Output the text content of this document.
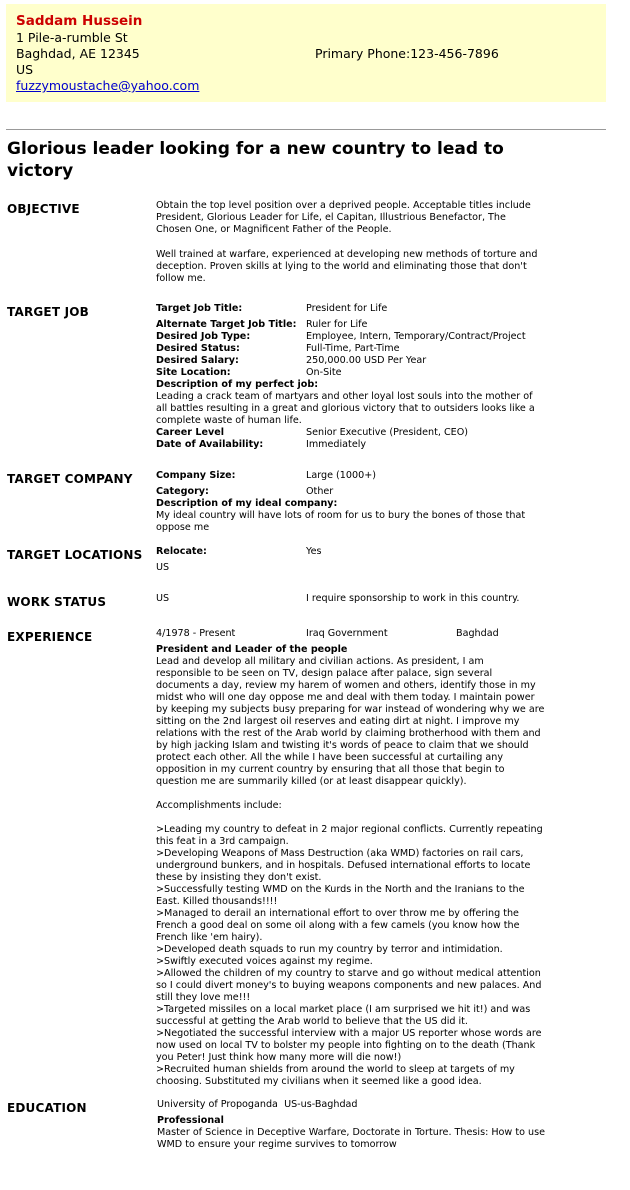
Saddam Hussein
1 Pile-a-rumble St
Baghdad, AE 12345
US
Primary Phone:123-456-7896
fuzzymoustache@yahoo.com
Glorious leader looking for a new country to lead to victory
OBJECTIVE	Obtain the top level position over a deprived people. Acceptable titles include
President, Glorious Leader for Life, el Capitan, Illustrious Benefactor, The
Chosen One, or Magnificent Father of the People.
Well trained at warfare, experienced at developing new methods of torture and
deception. Proven skills at lying to the world and eliminating those that don't
follow me.
TARGET JOB	Target Job Title:	President for Life
Alternate Target Job Title: Ruler for Life
Desired Job Type:	Employee, Intern, Temporary/Contract/Project
Desired Status:	Full-Time, Part-Time
Desired Salary:	250,000.00 USD Per Year
Site Location:	On-Site
Description of my perfect job:
Leading a crack team of martyars and other loyal lost souls into the mother of
all battles resulting in a great and glorious victory that to outsiders looks like a
complete waste of human life.
Career Level	Senior Executive (President, CEO)
Date of Availability:	Immediately
TARGET COMPANY Company Size:	Large (1000+)
Category:	Other
Description of my ideal company:
My ideal country will have lots of room for us to bury the bones of those that
oppose me
TARGET LOCATIONS Relocate:	Yes
US
WORK STATUS	US	I require sponsorship to work in this country.
EXPERIENCE	4/1978 - Present	Iraq Government	Baghdad
President and Leader of the people
Lead and develop all military and civilian actions. As president, I am
responsible to be seen on TV, design palace after palace, sign several
documents a day, review my harem of women and others, identify those in my
midst who will one day oppose me and deal with them today. I maintain power
by keeping my subjects busy preparing for war instead of wondering why we are
sitting on the 2nd largest oil reserves and eating dirt at night. I improve my
relations with the rest of the Arab world by claiming brotherhood with them and
by high jacking Islam and twisting it's words of peace to claim that we should
protect each other. All the while I have been successful at curtailing any
opposition in my current country by ensuring that all those that begin to
question me are summarily killed (or at least disappear quickly).
Accomplishments include:
>Leading my country to defeat in 2 major regional conflicts. Currently repeating
this feat in a 3rd campaign.
>Developing Weapons of Mass Destruction (aka WMD) factories on rail cars,
underground bunkers, and in hospitals. Defused international efforts to locate
these by insisting they don't exist.
>Successfully testing WMD on the Kurds in the North and the Iranians to the
East. Killed thousands!!!!
>Managed to derail an international effort to over throw me by offering the
French a good deal on some oil along with a few camels (you know how the
French like 'em hairy).
>Developed death squads to run my country by terror and intimidation.
>Swiftly executed voices against my regime.
>Allowed the children of my country to starve and go without medical attention
so I could divert money's to buying weapons components and new palaces. And
still they love me!!!
>Targeted missiles on a local market place (I am surprised we hit it!) and was
successful at getting the Arab world to believe that the US did it.
>Negotiated the successful interview with a major US reporter whose words are
now used on local TV to bolster my people into fighting on to the death (Thank
you Peter! Just think how many more will die now!)
>Recruited human shields from around the world to sleep at targets of my
choosing. Substituted my civilians when it seemed like a good idea.
EDUCATION	University of Propoganda US-us-Baghdad
Professional
Master of Science in Deceptive Warfare, Doctorate in Torture. Thesis: How to use
WMD to ensure your regime survives to tomorrow
